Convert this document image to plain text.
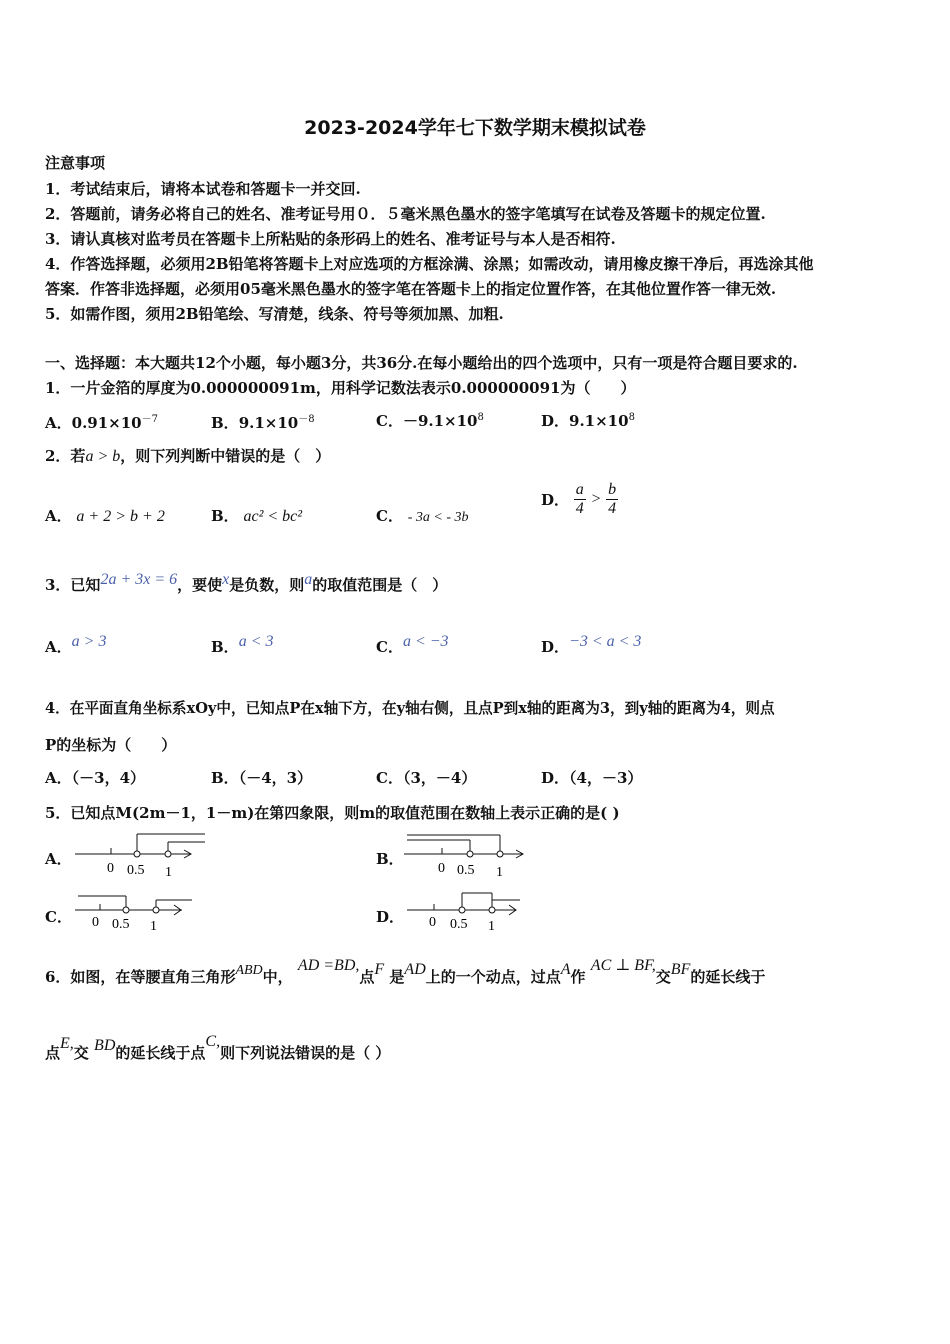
2023-2024学年七下数学期末模拟试卷
注意事项
1．考试结束后，请将本试卷和答题卡一并交回.
2．答题前，请务必将自己的姓名、准考证号用０．５毫米黑色墨水的签字笔填写在试卷及答题卡的规定位置.
3．请认真核对监考员在答题卡上所粘贴的条形码上的姓名、准考证号与本人是否相符.
4．作答选择题，必须用2B铅笔将答题卡上对应选项的方框涂满、涂黑；如需改动，请用橡皮擦干净后，再选涂其他
答案．作答非选择题，必须用05毫米黑色墨水的签字笔在答题卡上的指定位置作答，在其他位置作答一律无效.
5．如需作图，须用2B铅笔绘、写清楚，线条、符号等须加黑、加粗.
一、选择题：本大题共12个小题，每小题3分，共36分.在每小题给出的四个选项中，只有一项是符合题目要求的.
1．一片金箔的厚度为0.000000091m，用科学记数法表示0.000000091为（　　）
A．$0.91\times 10^{-7}$	B．$9.1\times 10^{-8}$	C．$-9.1\times 10^8$	D．$9.1\times 10^8$
2．若a > b，则下列判断中错误的是（　）
A． a + 2 > b + 2	B． ac² < bc²	C． - 3a < - 3b
D． $\frac{a}{4} > \frac{b}{4}$
3．已知2a + 3x = 6，要使x是负数，则a的取值范围是（　）
A．a > 3	B．a < 3	C．a < −3	D．−3 < a < 3
4．在平面直角坐标系xOy中，已知点P在x轴下方，在y轴右侧，且点P到x轴的距离为3，到y轴的距离为4，则点
P的坐标为（　　）
A．（－3，4）	B．（－4，3）	C．（3，－4）	D．（4，－3）
5．已知点M(2m－1，1－m)在第四象限，则m的取值范围在数轴上表示正确的是( )
A．
0 0.5 1
B．
0 0.5 1
C． 0 0.5 1
D． 0 0.5 1
6．如图，在等腰直角三角形ABD中， AD =BD,点F 是AD上的一个动点，过点A作 AC ⊥ BF,交BF的延长线于
点E,交 BD的延长线于点C,则下列说法错误的是（ ）
